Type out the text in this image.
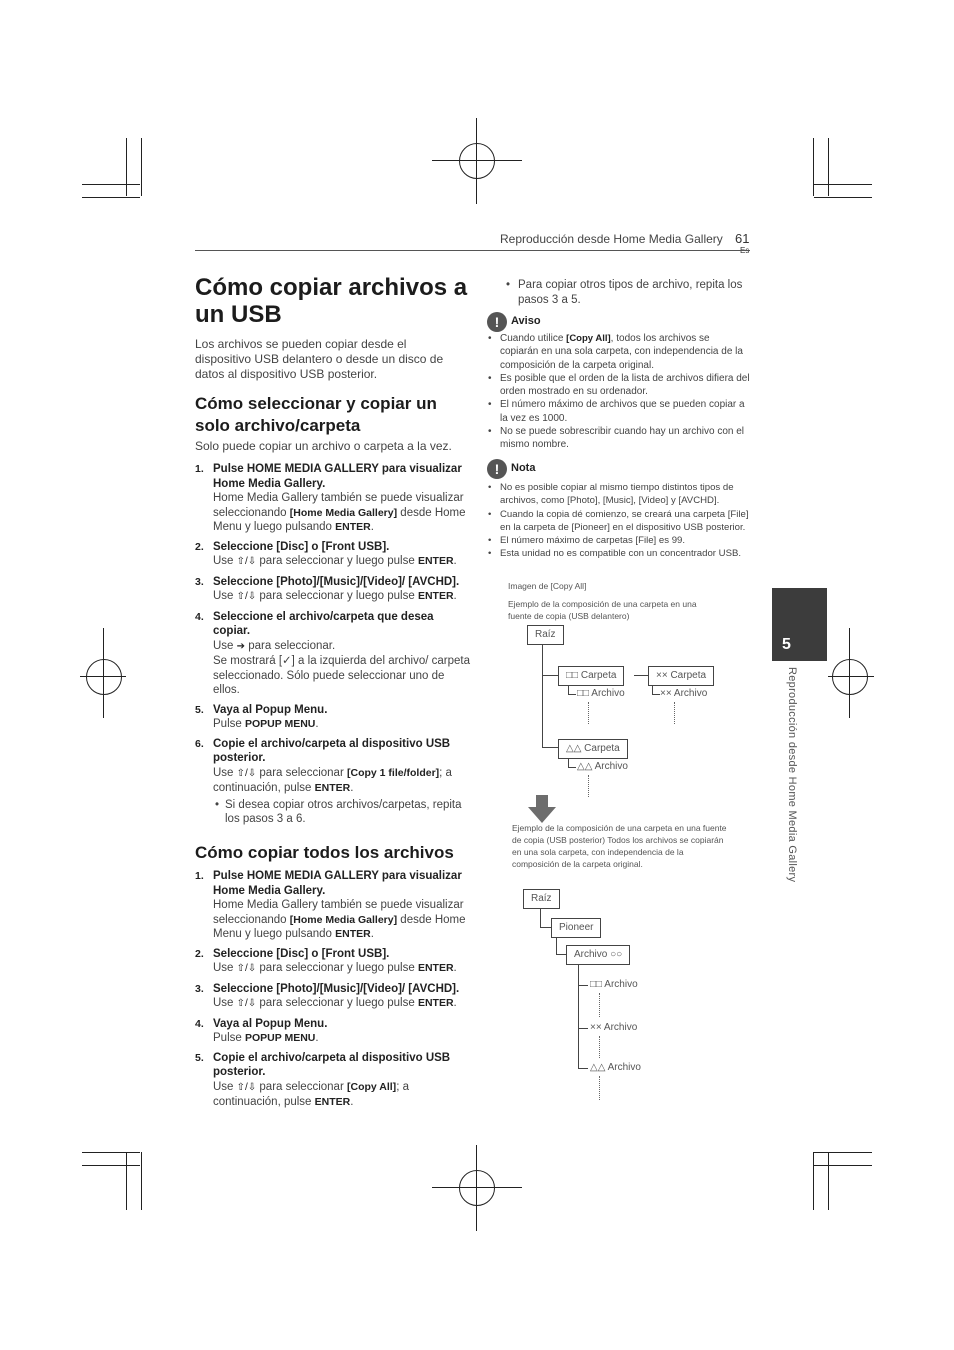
Reproducción desde Home Media Gallery 61
Cómo copiar archivos a un USB
Los archivos se pueden copiar desde el dispositivo USB delantero o desde un disco de datos al dispositivo USB posterior.
Cómo seleccionar y copiar un solo archivo/carpeta
Solo puede copiar un archivo o carpeta a la vez.
1. Pulse HOME MEDIA GALLERY para visualizar Home Media Gallery.
Home Media Gallery también se puede visualizar seleccionando [Home Media Gallery] desde Home Menu y luego pulsando ENTER.
2. Seleccione [Disc] o [Front USB].
Use ⇧/⇩ para seleccionar y luego pulse ENTER.
3. Seleccione [Photo]/[Music]/[Video]/ [AVCHD].
Use ⇧/⇩ para seleccionar y luego pulse ENTER.
4. Seleccione el archivo/carpeta que desea copiar.
Use ➔ para seleccionar.
Se mostrará [✓] a la izquierda del archivo/ carpeta seleccionado. Sólo puede seleccionar uno de ellos.
5. Vaya al Popup Menu.
Pulse POPUP MENU.
6. Copie el archivo/carpeta al dispositivo USB posterior.
Use ⇧/⇩ para seleccionar [Copy 1 file/folder]; a continuación, pulse ENTER.
• Si desea copiar otros archivos/carpetas, repita los pasos 3 a 6.
Cómo copiar todos los archivos
1. Pulse HOME MEDIA GALLERY para visualizar Home Media Gallery.
Home Media Gallery también se puede visualizar seleccionando [Home Media Gallery] desde Home Menu y luego pulsando ENTER.
2. Seleccione [Disc] o [Front USB].
Use ⇧/⇩ para seleccionar y luego pulse ENTER.
3. Seleccione [Photo]/[Music]/[Video]/ [AVCHD].
Use ⇧/⇩ para seleccionar y luego pulse ENTER.
4. Vaya al Popup Menu.
Pulse POPUP MENU.
5. Copie el archivo/carpeta al dispositivo USB posterior.
Use ⇧/⇩ para seleccionar [Copy All]; a continuación, pulse ENTER.
• Para copiar otros tipos de archivo, repita los pasos 3 a 5.
!	Aviso
• Cuando utilice [Copy All], todos los archivos se copiarán en una sola carpeta, con independencia de la composición de la carpeta original.
• Es posible que el orden de la lista de archivos difiera del orden mostrado en su ordenador.
• El número máximo de archivos que se pueden copiar a la vez es 1000.
• No se puede sobrescribir cuando hay un archivo con el mismo nombre.
!	Nota
• No es posible copiar al mismo tiempo distintos tipos de archivos, como [Photo], [Music], [Video] y [AVCHD].
• Cuando la copia dé comienzo, se creará una carpeta [File] en la carpeta de [Pioneer] en el dispositivo USB posterior.
• El número máximo de carpetas [File] es 99.
• Esta unidad no es compatible con un concentrador USB.
Imagen de [Copy All]
Ejemplo de la composición de una carpeta en una fuente de copia (USB delantero)
Raíz
□□ Carpeta	×× Carpeta
□□ Archivo	×× Archivo
△△ Carpeta
△△ Archivo
Ejemplo de la composición de una carpeta en una fuente de copia (USB posterior) Todos los archivos se copiarán en una sola carpeta, con independencia de la composición de la carpeta original.
Raíz
Pioneer
Archivo ○○
□□ Archivo
×× Archivo
△△ Archivo
5
Reproducción desde Home Media Gallery
